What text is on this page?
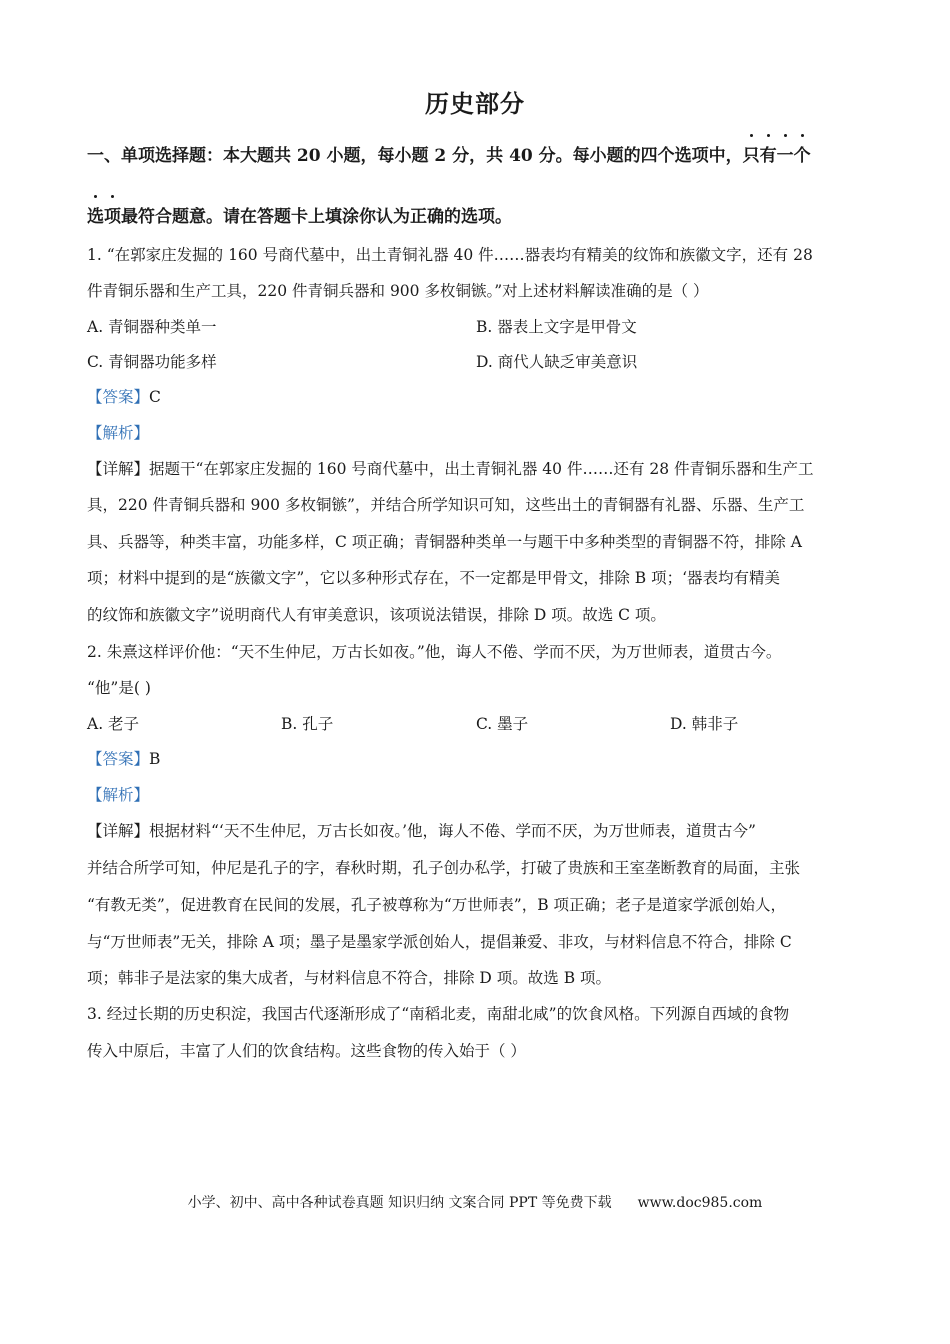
历史部分
一、单项选择题：本大题共 20 小题，每小题 2 分，共 40 分。每小题的四个选项中，只
有
一
个
选
项
最符合题意。请在答题卡上填涂你认为正确的选项。
1. “在郭家庄发掘的 160 号商代墓中，出土青铜礼器 40 件……器表均有精美的纹饰和族徽文字，还有 28
件青铜乐器和生产工具，220 件青铜兵器和 900 多枚铜镞。”对上述材料解读准确的是（ ）
A. 青铜器种类单一	B. 器表上文字是甲骨文
C. 青铜器功能多样	D. 商代人缺乏审美意识
【答案】C
【解析】
【详解】据题干“在郭家庄发掘的 160 号商代墓中，出土青铜礼器 40 件……还有 28 件青铜乐器和生产工
具，220 件青铜兵器和 900 多枚铜镞”，并结合所学知识可知，这些出土的青铜器有礼器、乐器、生产工
具、兵器等，种类丰富，功能多样，C 项正确；青铜器种类单一与题干中多种类型的青铜器不符，排除 A
项；材料中提到的是“族徽文字”，它以多种形式存在，不一定都是甲骨文，排除 B 项；‘器表均有精美
的纹饰和族徽文字”说明商代人有审美意识，该项说法错误，排除 D 项。故选 C 项。
2. 朱熹这样评价他：“天不生仲尼，万古长如夜。”他，诲人不倦、学而不厌，为万世师表，道贯古今。
“他”是( )
A. 老子	B. 孔子	C. 墨子	D. 韩非子
【答案】B
【解析】
【详解】根据材料“‘天不生仲尼，万古长如夜。’他，诲人不倦、学而不厌，为万世师表，道贯古今”
并结合所学可知，仲尼是孔子的字，春秋时期，孔子创办私学，打破了贵族和王室垄断教育的局面，主张
“有教无类”，促进教育在民间的发展，孔子被尊称为“万世师表”，B 项正确；老子是道家学派创始人，
与“万世师表”无关，排除 A 项；墨子是墨家学派创始人，提倡兼爱、非攻，与材料信息不符合，排除 C
项；韩非子是法家的集大成者，与材料信息不符合，排除 D 项。故选 B 项。
3. 经过长期的历史积淀，我国古代逐渐形成了“南稻北麦，南甜北咸”的饮食风格。下列源自西域的食物
传入中原后，丰富了人们的饮食结构。这些食物的传入始于（ ）
小学、初中、高中各种试卷真题 知识归纳 文案合同 PPT 等免费下载 www.doc985.com
